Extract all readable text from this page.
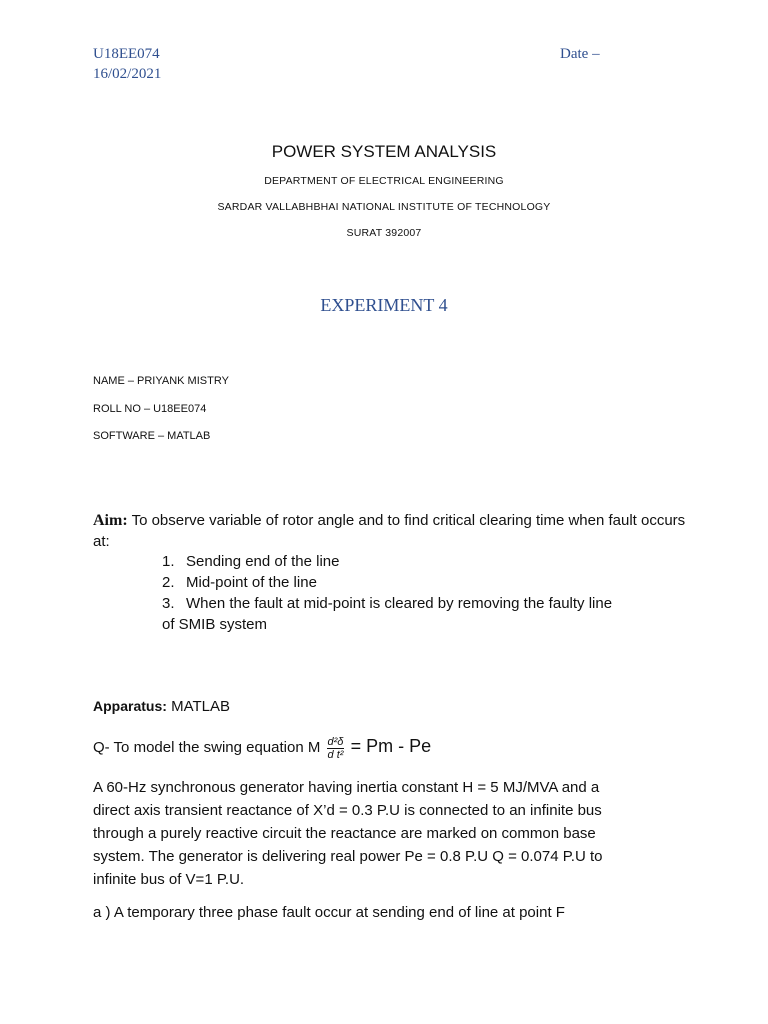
U18EE074	Date –
16/02/2021
POWER SYSTEM ANALYSIS
DEPARTMENT OF ELECTRICAL ENGINEERING
SARDAR VALLABHBHAI NATIONAL INSTITUTE OF TECHNOLOGY
SURAT 392007
EXPERIMENT 4
NAME – PRIYANK MISTRY
ROLL NO – U18EE074
SOFTWARE – MATLAB
Aim: To observe variable of rotor angle and to find critical clearing time when fault occurs at:
1. Sending end of the line
2. Mid-point of the line
3. When the fault at mid-point is cleared by removing the faulty line
of SMIB system
Apparatus: MATLAB
Q- To model the swing equation M $\frac{\text{d²δ}}{\text{d t²}} = Pm - Pe$
A 60-Hz synchronous generator having inertia constant H = 5 MJ/MVA and a
direct axis transient reactance of X’d = 0.3 P.U is connected to an infinite bus
through a purely reactive circuit the reactance are marked on common base
system. The generator is delivering real power Pe = 0.8 P.U Q = 0.074 P.U to
infinite bus of V=1 P.U.
a ) A temporary three phase fault occur at sending end of line at point F
